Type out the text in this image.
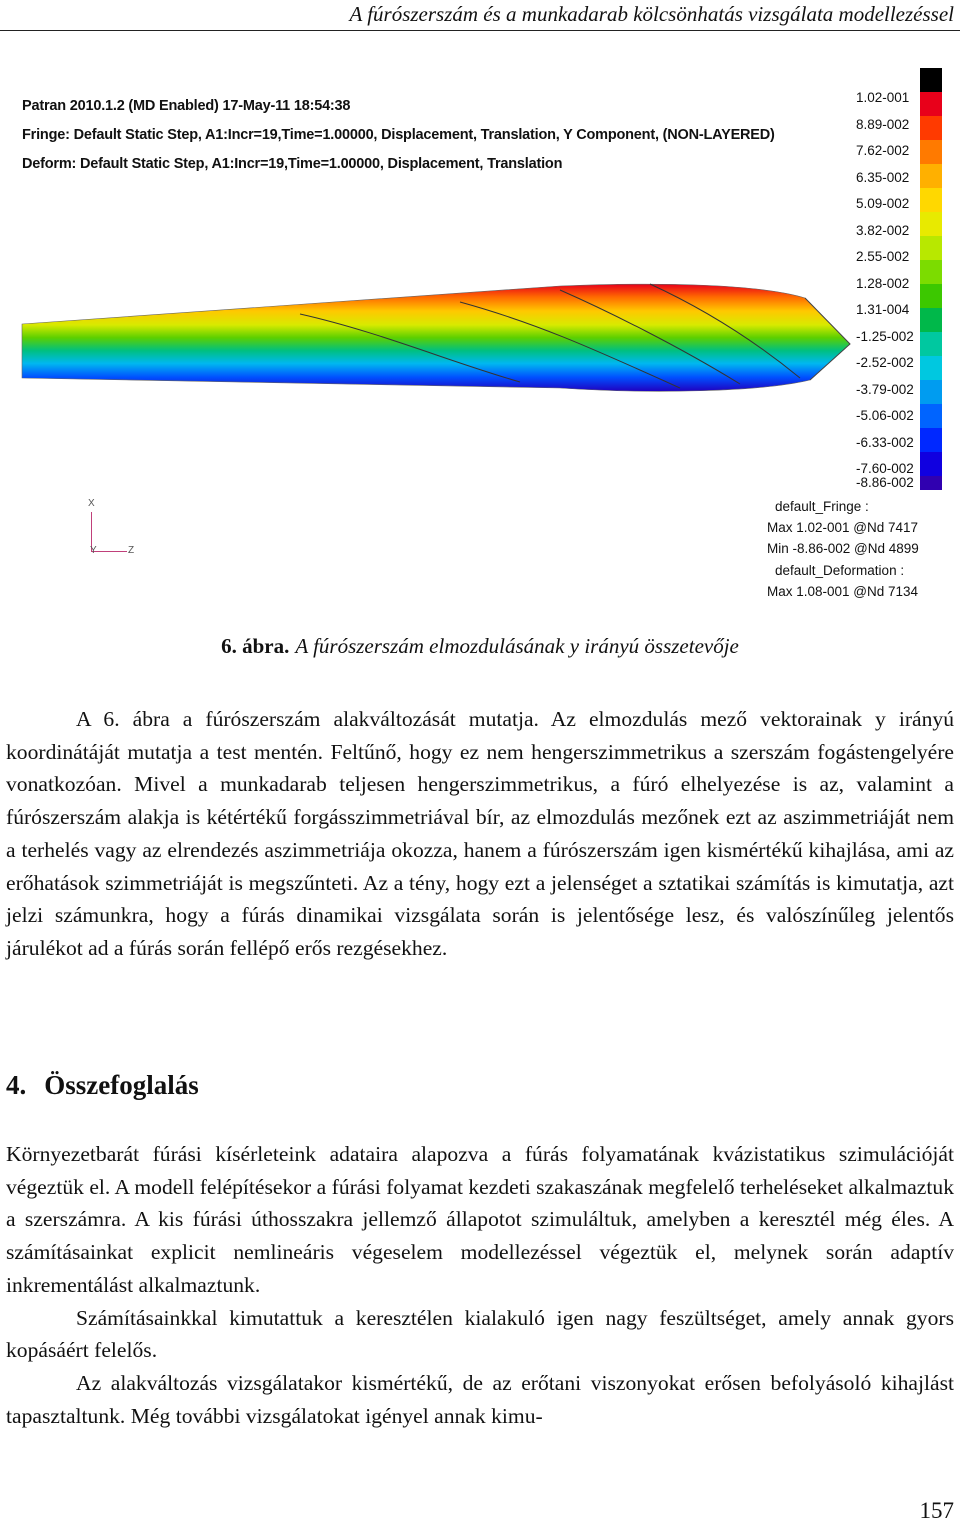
A fúrószerszám és a munkadarab kölcsönhatás vizsgálata modellezéssel
Patran 2010.1.2 (MD Enabled) 17-May-11 18:54:38
Fringe: Default Static Step, A1:Incr=19,Time=1.00000, Displacement, Translation, Y Component, (NON-LAYERED)
Deform: Default Static Step, A1:Incr=19,Time=1.00000, Displacement, Translation
X
Y	Z
1.02-001
8.89-002
7.62-002
6.35-002
5.09-002
3.82-002
2.55-002
1.28-002
1.31-004
-1.25-002
-2.52-002
-3.79-002
-5.06-002
-6.33-002
-7.60-002
-8.86-002
default_Fringe :
Max 1.02-001 @Nd 7417
Min -8.86-002 @Nd 4899
default_Deformation :
Max 1.08-001 @Nd 7134
6. ábra. A fúrószerszám elmozdulásának y irányú összetevője

A 6. ábra a fúrószerszám alakváltozását mutatja. Az elmozdulás mező vektorainak y irányú koordinátáját mutatja a test mentén. Feltűnő, hogy ez nem hengerszimmetrikus a szerszám fogástengelyére vonatkozóan. Mivel a munkadarab teljesen hengerszimmetrikus, a fúró elhelyezése is az, valamint a fúrószerszám alakja is kétértékű forgásszimmetriával bír, az elmozdulás mezőnek ezt az aszimmetriáját nem a terhelés vagy az elrendezés aszimmetriája okozza, hanem a fúrószerszám igen kismértékű kihajlása, ami az erőhatások szimmetriáját is megszűnteti. Az a tény, hogy ezt a jelenséget a sztatikai számítás is kimutatja, azt jelzi számunkra, hogy a fúrás dinamikai vizsgálata során is jelentősége lesz, és valószínűleg jelentős járulékot ad a fúrás során fellépő erős rezgésekhez.

4. Összefoglalás

Környezetbarát fúrási kísérleteink adataira alapozva a fúrás folyamatának kvázistatikus szimulációját végeztük el. A modell felépítésekor a fúrási folyamat kezdeti szakaszának megfelelő terheléseket alkalmaztuk a szerszámra. A kis fúrási úthosszakra jellemző állapotot szimuláltuk, amelyben a keresztél még éles. A számításainkat explicit nemlineáris végeselem modellezéssel végeztük el, melynek során adaptív inkrementálást alkalmaztunk.

Számításainkkal kimutattuk a keresztélen kialakuló igen nagy feszültséget, amely annak gyors kopásáért felelős.

Az alakváltozás vizsgálatakor kismértékű, de az erőtani viszonyokat erősen befolyásoló kihajlást tapasztaltunk. Még további vizsgálatokat igényel annak kimu-

157
